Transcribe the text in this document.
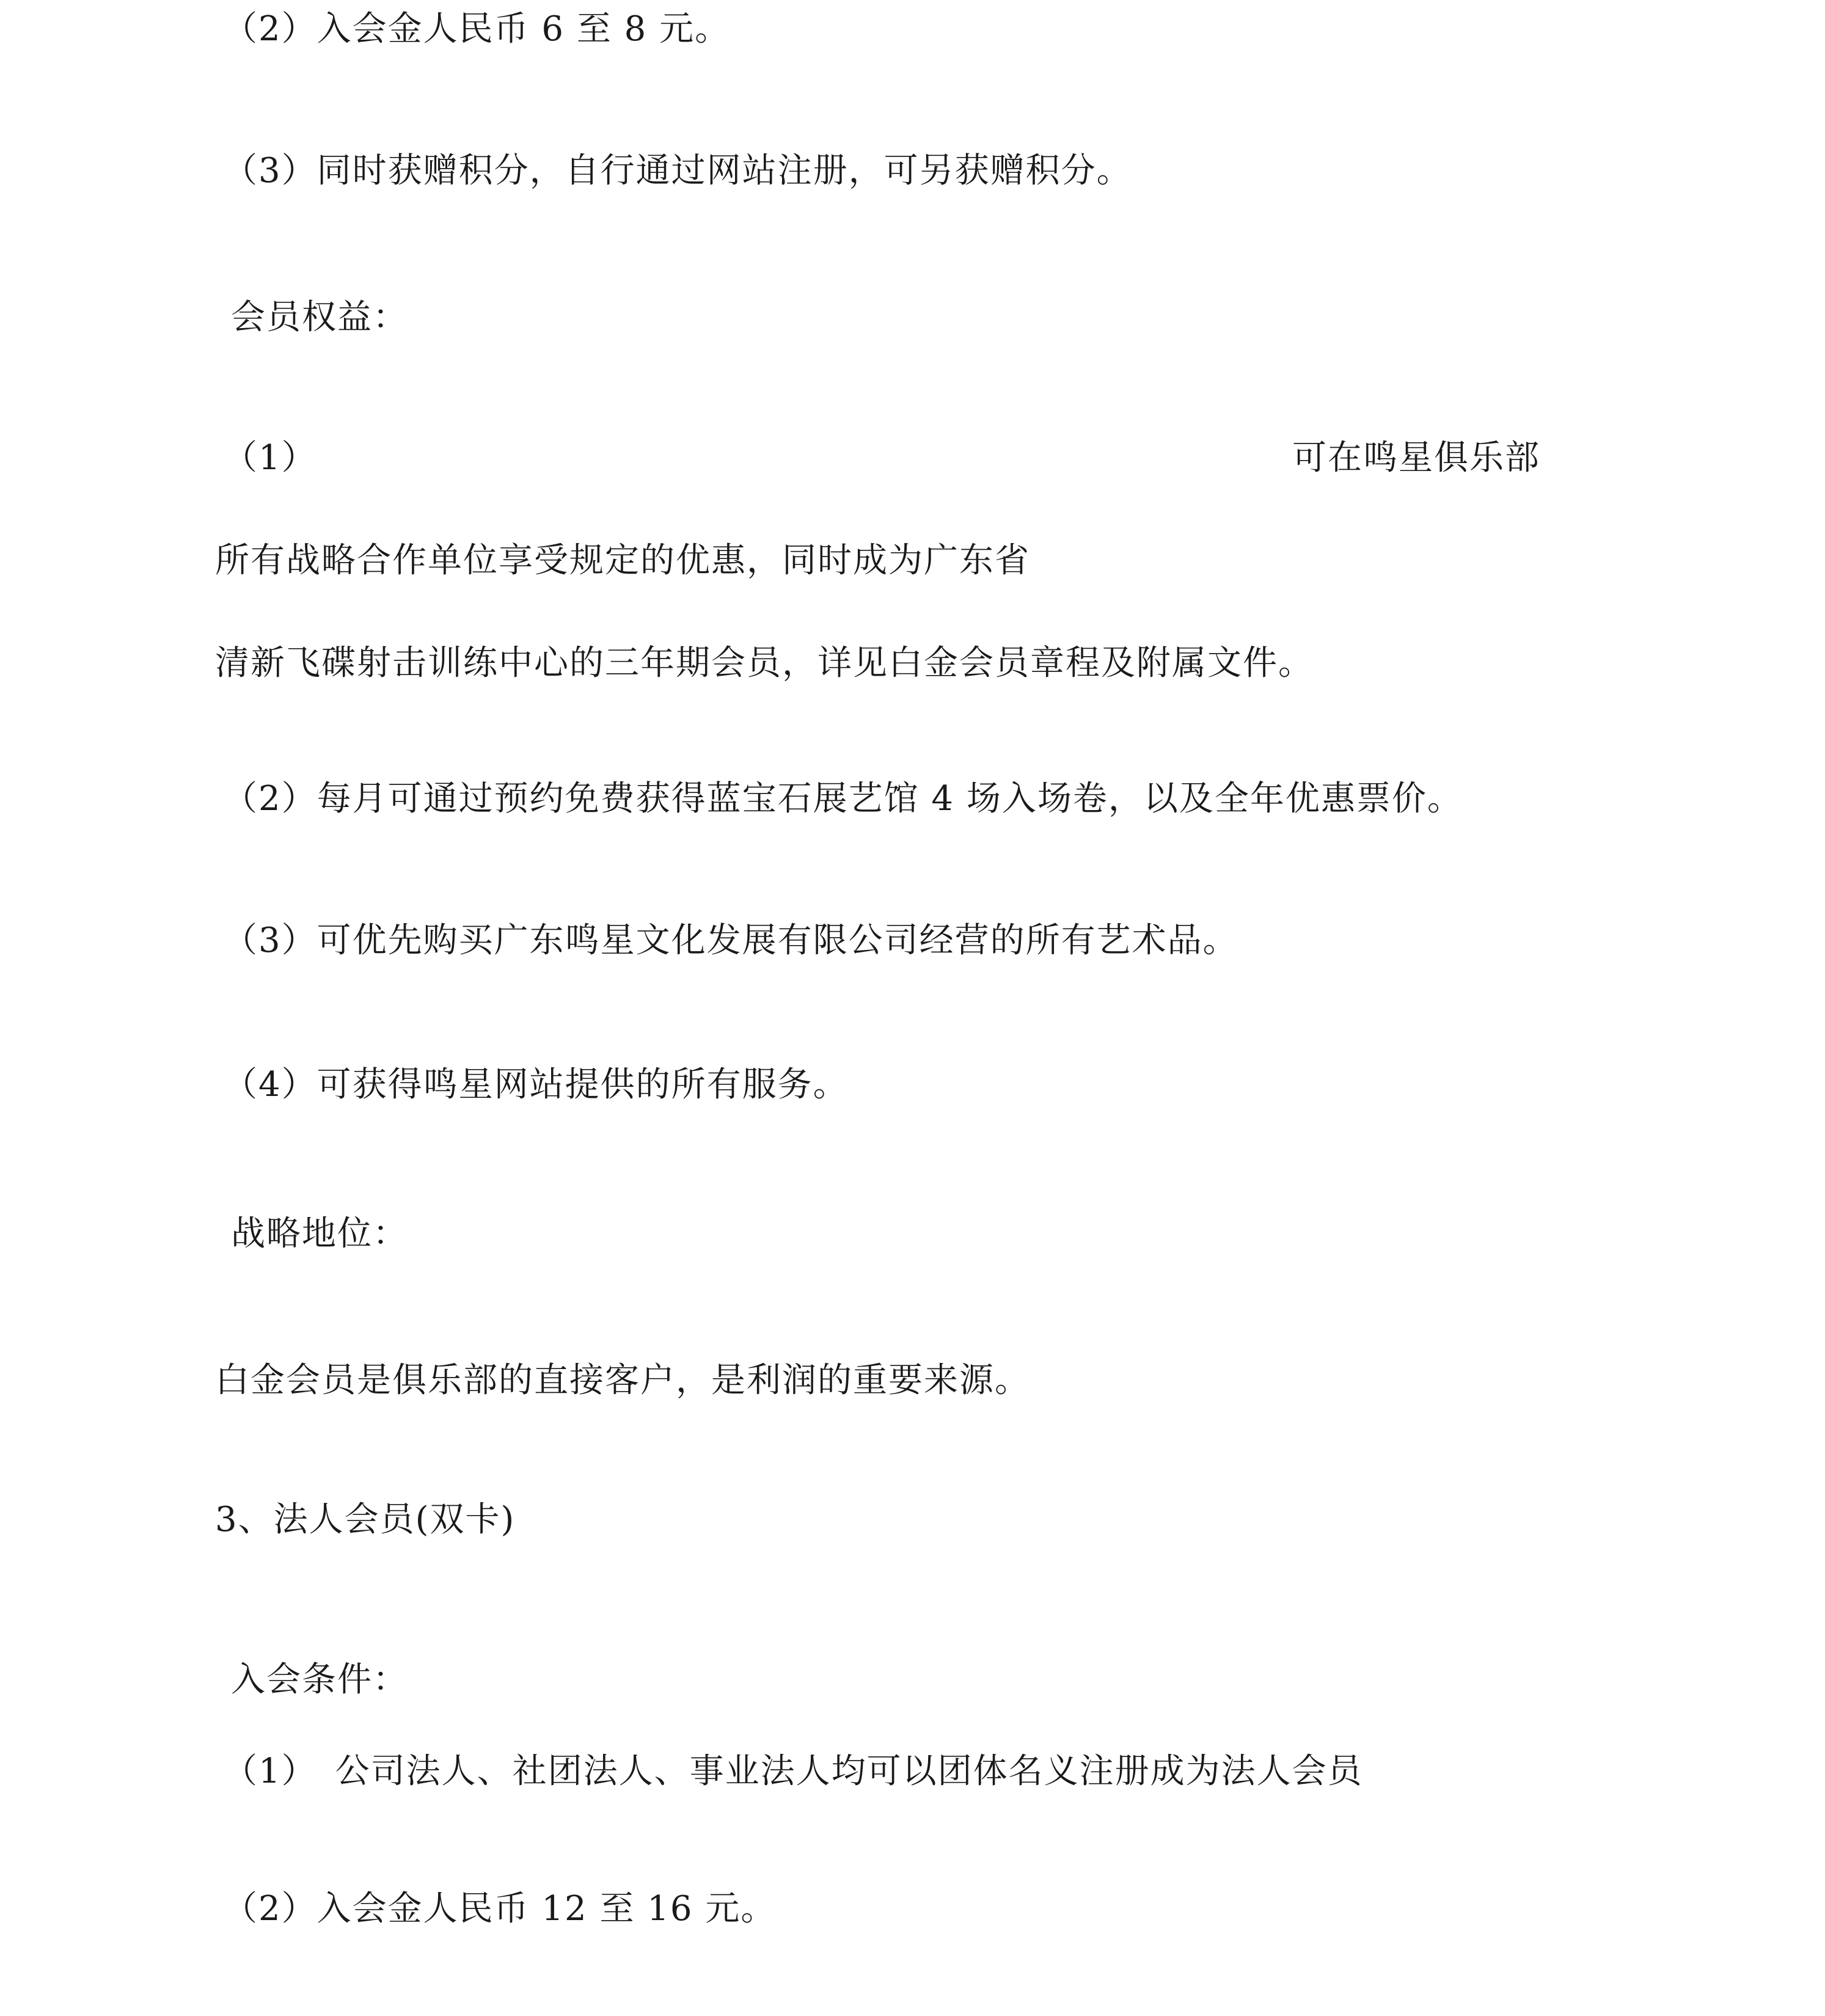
（2）入会金人民币 6 至 8 元。
（3）同时获赠积分，自行通过网站注册，可另获赠积分。
会员权益：
（1）	可在鸣星俱乐部
所有战略合作单位享受规定的优惠，同时成为广东省
清新飞碟射击训练中心的三年期会员，详见白金会员章程及附属文件。
（2）每月可通过预约免费获得蓝宝石展艺馆 4 场入场卷，以及全年优惠票价。
（3）可优先购买广东鸣星文化发展有限公司经营的所有艺术品。
（4）可获得鸣星网站提供的所有服务。
战略地位：
白金会员是俱乐部的直接客户，是利润的重要来源。
3、法人会员(双卡)
入会条件：
（1）　公司法人、社团法人、事业法人均可以团体名义注册成为法人会员
（2）入会金人民币 12 至 16 元。
